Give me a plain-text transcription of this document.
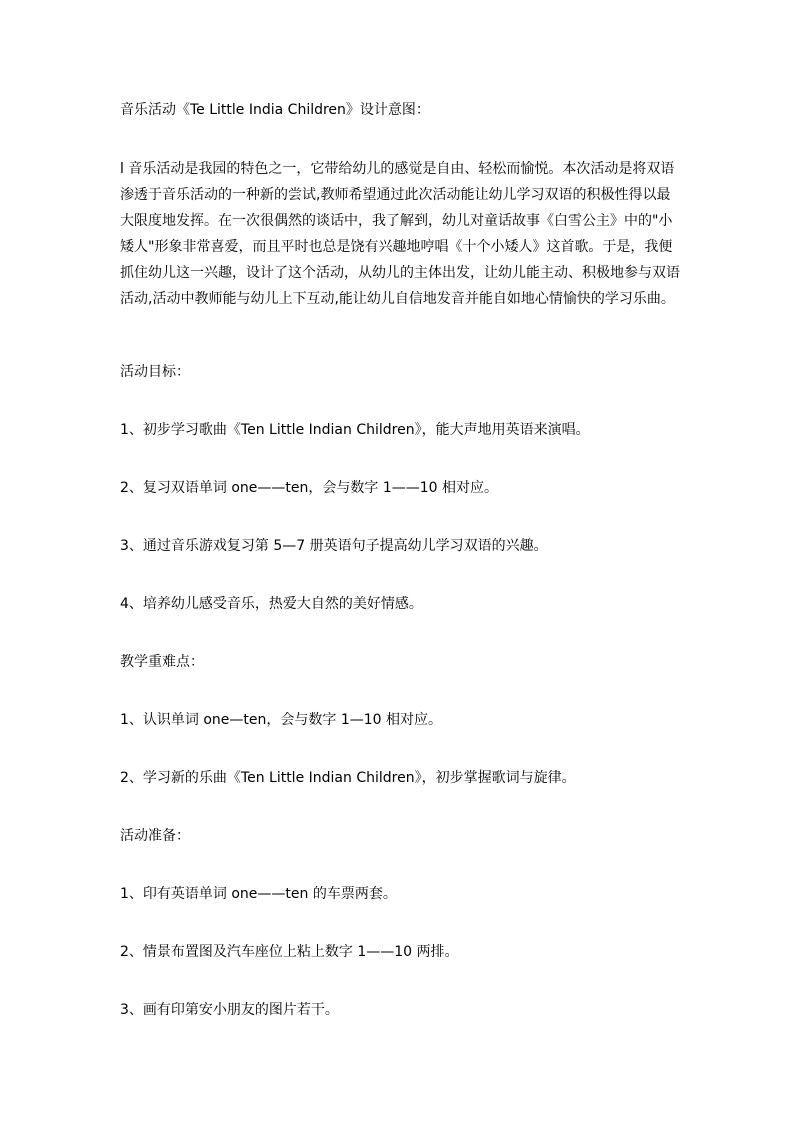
音乐活动《Te Little India Children》设计意图：
l 音乐活动是我园的特色之一，它带给幼儿的感觉是自由、轻松而愉悦。本次活动是将双语
渗透于音乐活动的一种新的尝试,教师希望通过此次活动能让幼儿学习双语的积极性得以最
大限度地发挥。在一次很偶然的谈话中，我了解到，幼儿对童话故事《白雪公主》中的"小
矮人"形象非常喜爱，而且平时也总是饶有兴趣地哼唱《十个小矮人》这首歌。于是，我便
抓住幼儿这一兴趣，设计了这个活动，从幼儿的主体出发，让幼儿能主动、积极地参与双语
活动,活动中教师能与幼儿上下互动,能让幼儿自信地发音并能自如地心情愉快的学习乐曲。
活动目标：
1、初步学习歌曲《Ten Little Indian Children》，能大声地用英语来演唱。
2、复习双语单词 one——ten，会与数字 1——10 相对应。
3、通过音乐游戏复习第 5—7 册英语句子提高幼儿学习双语的兴趣。
4、培养幼儿感受音乐，热爱大自然的美好情感。
教学重难点：
1、认识单词 one—ten，会与数字 1—10 相对应。
2、学习新的乐曲《Ten Little Indian Children》，初步掌握歌词与旋律。
活动准备：
1、印有英语单词 one——ten 的车票两套。
2、情景布置图及汽车座位上粘上数字 1——10 两排。
3、画有印第安小朋友的图片若干。
